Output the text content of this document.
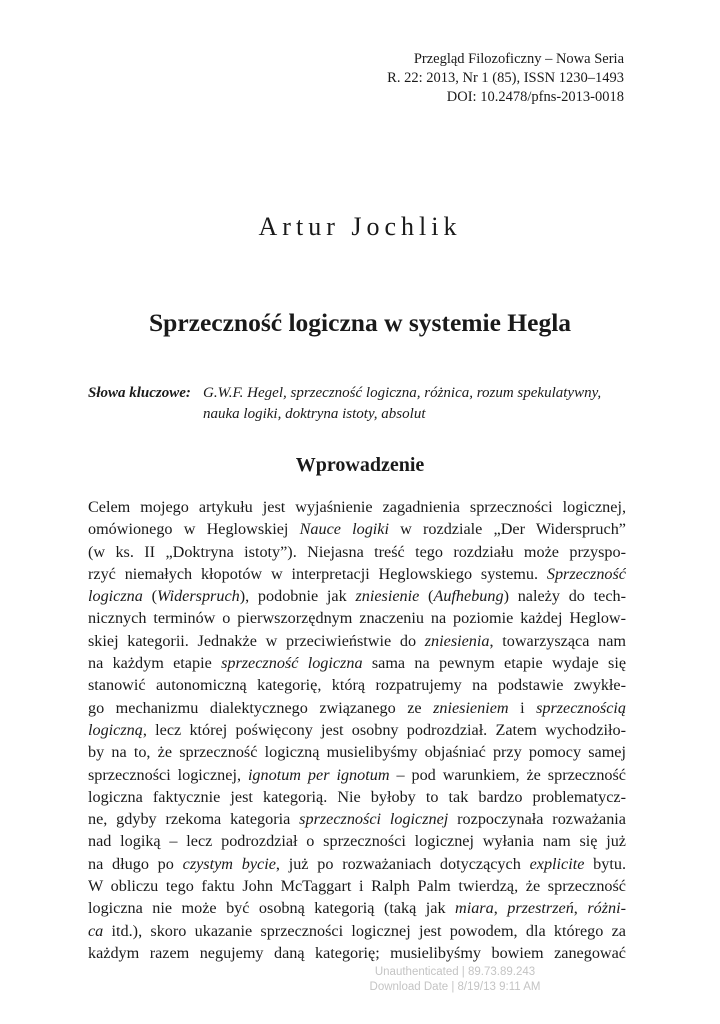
Przegląd Filozoficzny – Nowa Seria
R. 22: 2013, Nr 1 (85), ISSN 1230–1493
DOI: 10.2478/pfns-2013-0018
Artur Jochlik
Sprzeczność logiczna w systemie Hegla
Słowa kluczowe: G.W.F. Hegel, sprzeczność logiczna, różnica, rozum spekulatywny,
nauka logiki, doktryna istoty, absolut
Wprowadzenie
Celem mojego artykułu jest wyjaśnienie zagadnienia sprzeczności logicznej,
omówionego w Heglowskiej Nauce logiki w rozdziale „Der Widerspruch”
(w ks. II „Doktryna istoty”). Niejasna treść tego rozdziału może przyspo-
rzyć niemałych kłopotów w interpretacji Heglowskiego systemu. Sprzeczność
logiczna (Widerspruch), podobnie jak zniesienie (Aufhebung) należy do tech-
nicznych terminów o pierwszorzędnym znaczeniu na poziomie każdej Heglow-
skiej kategorii. Jednakże w przeciwieństwie do zniesienia, towarzysząca nam
na każdym etapie sprzeczność logiczna sama na pewnym etapie wydaje się
stanowić autonomiczną kategorię, którą rozpatrujemy na podstawie zwykłe-
go mechanizmu dialektycznego związanego ze zniesieniem i sprzecznością
logiczną, lecz której poświęcony jest osobny podrozdział. Zatem wychodziło-
by na to, że sprzeczność logiczną musielibyśmy objaśniać przy pomocy samej
sprzeczności logicznej, ignotum per ignotum – pod warunkiem, że sprzeczność
logiczna faktycznie jest kategorią. Nie byłoby to tak bardzo problematycz-
ne, gdyby rzekoma kategoria sprzeczności logicznej rozpoczynała rozważania
nad logiką – lecz podrozdział o sprzeczności logicznej wyłania nam się już
na długo po czystym bycie, już po rozważaniach dotyczących explicite bytu.
W obliczu tego faktu John McTaggart i Ralph Palm twierdzą, że sprzeczność
logiczna nie może być osobną kategorią (taką jak miara, przestrzeń, różni-
ca itd.), skoro ukazanie sprzeczności logicznej jest powodem, dla którego za
każdym razem negujemy daną kategorię; musielibyśmy bowiem zanegować
Unauthenticated | 89.73.89.243
Download Date | 8/19/13 9:11 AM
